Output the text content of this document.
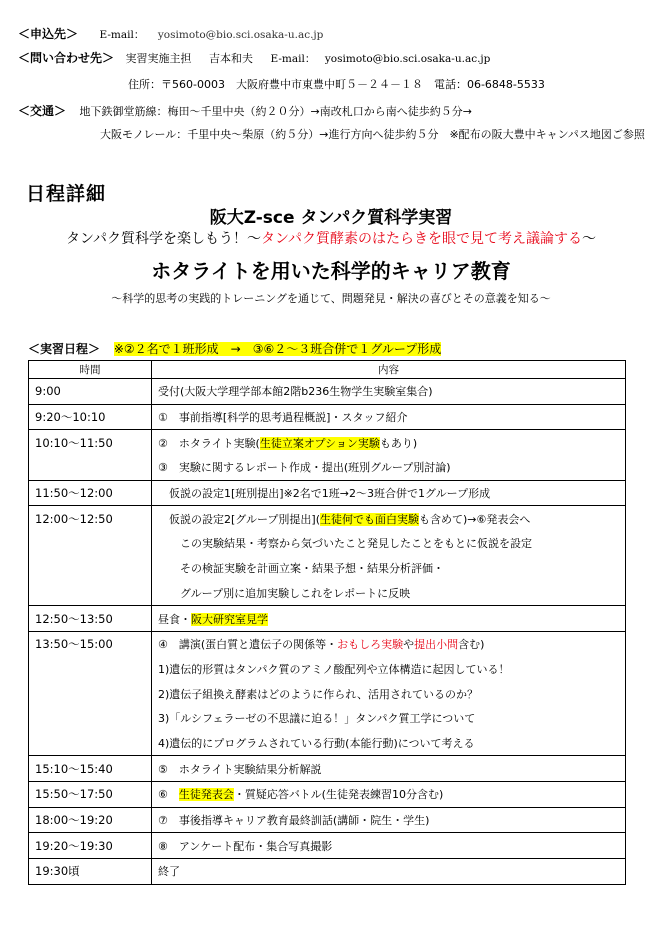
＜申込先＞ E-mail： yosimoto@bio.sci.osaka-u.ac.jp
＜問い合わせ先＞ 実習実施主担 吉本和夫 E-mail： yosimoto@bio.sci.osaka-u.ac.jp
住所：〒560-0003　大阪府豊中市東豊中町５－２４－１８　電話：06-6848-5533
＜交通＞ 地下鉄御堂筋線：梅田～千里中央（約２０分）→南改札口から南へ徒歩約５分→
大阪モノレール：千里中央～柴原（約５分）→進行方向へ徒歩約５分　※配布の阪大豊中キャンパス地図ご参照
日程詳細
阪大Z-sce タンパク質科学実習
タンパク質科学を楽しもう！～タンパク質酵素のはたらきを眼で見て考え議論する～
ホタライトを用いた科学的キャリア教育
～科学的思考の実践的トレーニングを通じて、問題発見・解決の喜びとその意義を知る～
＜実習日程＞ ※②２名で１班形成　→　③⑥２～３班合併で１グループ形成
時間	内容
9:00	受付(大阪大学理学部本館2階b236生物学生実験室集合)
9:20～10:10	①　事前指導[科学的思考過程概説]・スタッフ紹介
10:10～11:50	②　ホタライト実験(生徒立案オプション実験もあり)
	③　実験に関するレポート作成・提出(班別グループ別討論)
11:50～12:00	　仮説の設定1[班別提出]※2名で1班→2～3班合併で1グループ形成
12:00～12:50	　仮説の設定2[グループ別提出](生徒何でも面白実験も含めて)→⑥発表会へ
	　　この実験結果・考察から気づいたこと発見したことをもとに仮説を設定
	　　その検証実験を計画立案・結果予想・結果分析評価・
	　　グループ別に追加実験しこれをレポートに反映
12:50～13:50	昼食・阪大研究室見学
13:50～15:00	④　講演(蛋白質と遺伝子の関係等・おもしろ実験や提出小問含む)
	1)遺伝的形質はタンパク質のアミノ酸配列や立体構造に起因している！
	2)遺伝子組換え酵素はどのように作られ、活用されているのか？
	3)「ルシフェラーゼの不思議に迫る！」タンパク質工学について
	4)遺伝的にプログラムされている行動(本能行動)について考える
15:10～15:40	⑤　ホタライト実験結果分析解説
15:50～17:50	⑥　生徒発表会・質疑応答バトル(生徒発表練習10分含む)
18:00～19:20	⑦　事後指導キャリア教育最終訓話(講師・院生・学生)
19:20～19:30	⑧　アンケート配布・集合写真撮影
19:30頃	終了
